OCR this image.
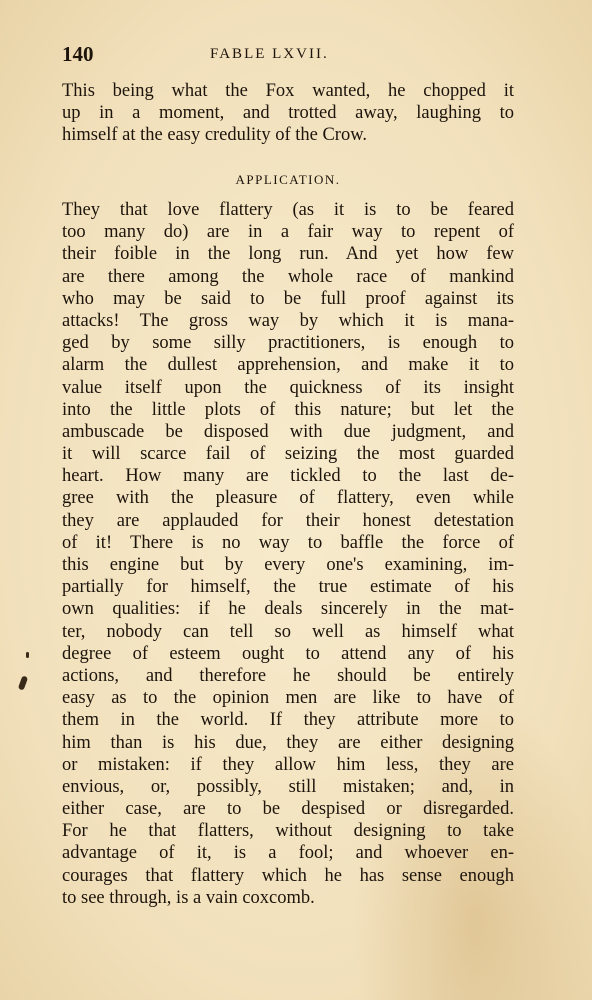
140	FABLE LXVII.
This being what the Fox wanted, he chopped it
up in a moment, and trotted away, laughing to
himself at the easy credulity of the Crow.
APPLICATION.
They that love flattery (as it is to be feared
too many do) are in a fair way to repent of
their foible in the long run. And yet how few
are there among the whole race of mankind
who may be said to be full proof against its
attacks! The gross way by which it is mana-
ged by some silly practitioners, is enough to
alarm the dullest apprehension, and make it to
value itself upon the quickness of its insight
into the little plots of this nature; but let the
ambuscade be disposed with due judgment, and
it will scarce fail of seizing the most guarded
heart. How many are tickled to the last de-
gree with the pleasure of flattery, even while
they are applauded for their honest detestation
of it! There is no way to baffle the force of
this engine but by every one's examining, im-
partially for himself, the true estimate of his
own qualities: if he deals sincerely in the mat-
ter, nobody can tell so well as himself what
degree of esteem ought to attend any of his
actions, and therefore he should be entirely
easy as to the opinion men are like to have of
them in the world. If they attribute more to
him than is his due, they are either designing
or mistaken: if they allow him less, they are
envious, or, possibly, still mistaken; and, in
either case, are to be despised or disregarded.
For he that flatters, without designing to take
advantage of it, is a fool; and whoever en-
courages that flattery which he has sense enough
to see through, is a vain coxcomb.
